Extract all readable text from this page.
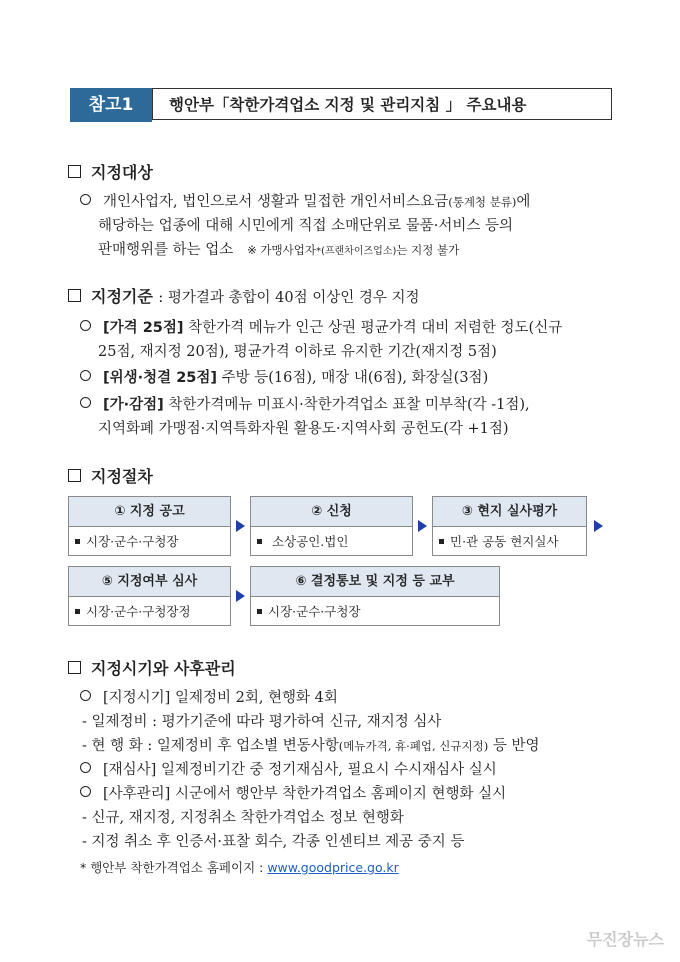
참고1	행안부「착한가격업소 지정 및 관리지침 」 주요내용
지정대상
개인사업자, 법인으로서 생활과 밀접한 개인서비스요금(통계청 분류)에
해당하는 업종에 대해 시민에게 직접 소매단위로 물품·서비스 등의
판매행위를 하는 업소 ※ 가맹사업자*(프랜차이즈업소)는 지정 불가
지정기준 : 평가결과 총합이 40점 이상인 경우 지정
[가격 25점] 착한가격 메뉴가 인근 상권 평균가격 대비 저렴한 정도(신규
25점, 재지정 20점), 평균가격 이하로 유지한 기간(재지정 5점)
[위생·청결 25점] 주방 등(16점), 매장 내(6점), 화장실(3점)
[가·감점] 착한가격메뉴 미표시·착한가격업소 표찰 미부착(각 -1점),
지역화폐 가맹점·지역특화자원 활용도·지역사회 공헌도(각 +1점)
지정절차
① 지정 공고
시장·군수·구청장
② 신청
소상공인.법인
③ 현지 실사평가
민·관 공동 현지실사
⑤ 지정여부 심사
시장·군수·구청장정
⑥ 결정통보 및 지정 등 교부
시장·군수·구청장
지정시기와 사후관리
[지정시기] 일제정비 2회, 현행화 4회
- 일제정비 : 평가기준에 따라 평가하여 신규, 재지정 심사
- 현 행 화 : 일제정비 후 업소별 변동사항(메뉴가격, 휴·폐업, 신규지정) 등 반영
[재심사] 일제정비기간 중 정기재심사, 필요시 수시재심사 실시
[사후관리] 시군에서 행안부 착한가격업소 홈페이지 현행화 실시
- 신규, 재지정, 지정취소 착한가격업소 정보 현행화
- 지정 취소 후 인증서·표찰 회수, 각종 인센티브 제공 중지 등
* 행안부 착한가격업소 홈페이지 : www.goodprice.go.kr
무진장뉴스
